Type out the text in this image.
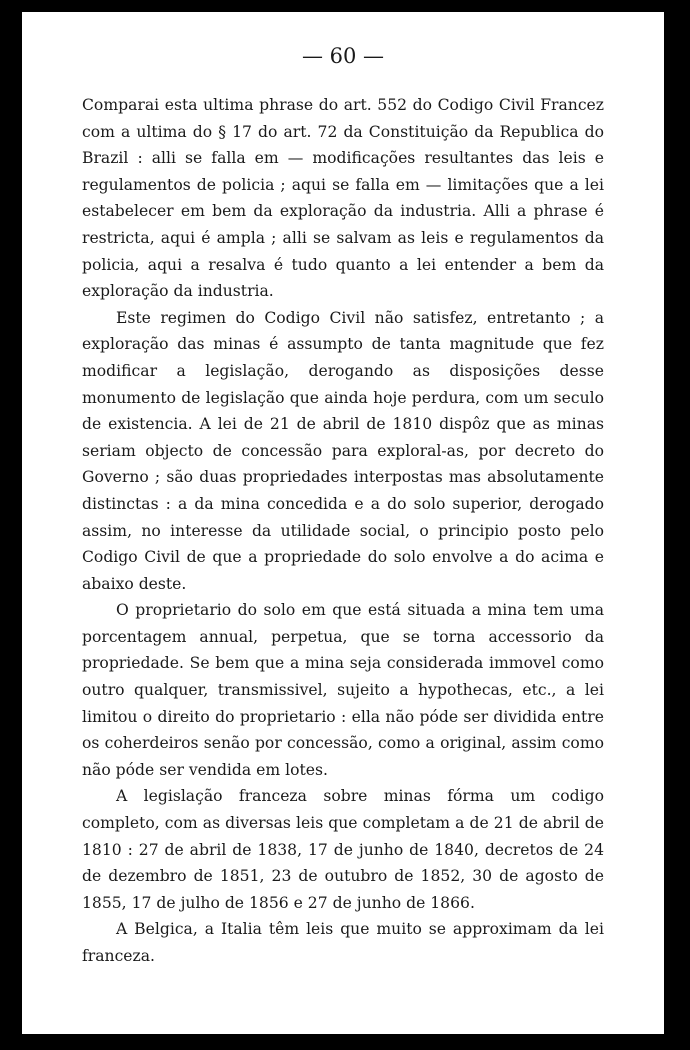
— 60 —

Comparai esta ultima phrase do art. 552 do Codigo Civil Francez com a ultima do § 17 do art. 72 da Constituição da Republica do Brazil : alli se falla em — modificações resultantes das leis e regulamentos de policia ; aqui se falla em — limitações que a lei estabelecer em bem da exploração da industria. Alli a phrase é restricta, aqui é ampla ; alli se salvam as leis e regulamentos da policia, aqui a resalva é tudo quanto a lei entender a bem da exploração da industria.

Este regimen do Codigo Civil não satisfez, entretanto ; a exploração das minas é assumpto de tanta magnitude que fez modificar a legislação, derogando as disposições desse monumento de legislação que ainda hoje perdura, com um seculo de existencia. A lei de 21 de abril de 1810 dispôz que as minas seriam objecto de concessão para exploral-as, por decreto do Governo ; são duas propriedades interpostas mas absolutamente distinctas : a da mina concedida e a do solo superior, derogado assim, no interesse da utilidade social, o principio posto pelo Codigo Civil de que a propriedade do solo envolve a do acima e abaixo deste.

O proprietario do solo em que está situada a mina tem uma porcentagem annual, perpetua, que se torna accessorio da propriedade. Se bem que a mina seja considerada immovel como outro qualquer, transmissivel, sujeito a hypothecas, etc., a lei limitou o direito do proprietario : ella não póde ser dividida entre os coherdeiros senão por concessão, como a original, assim como não póde ser vendida em lotes.

A legislação franceza sobre minas fórma um codigo completo, com as diversas leis que completam a de 21 de abril de 1810 : 27 de abril de 1838, 17 de junho de 1840, decretos de 24 de dezembro de 1851, 23 de outubro de 1852, 30 de agosto de 1855, 17 de julho de 1856 e 27 de junho de 1866.

A Belgica, a Italia têm leis que muito se approximam da lei franceza.
